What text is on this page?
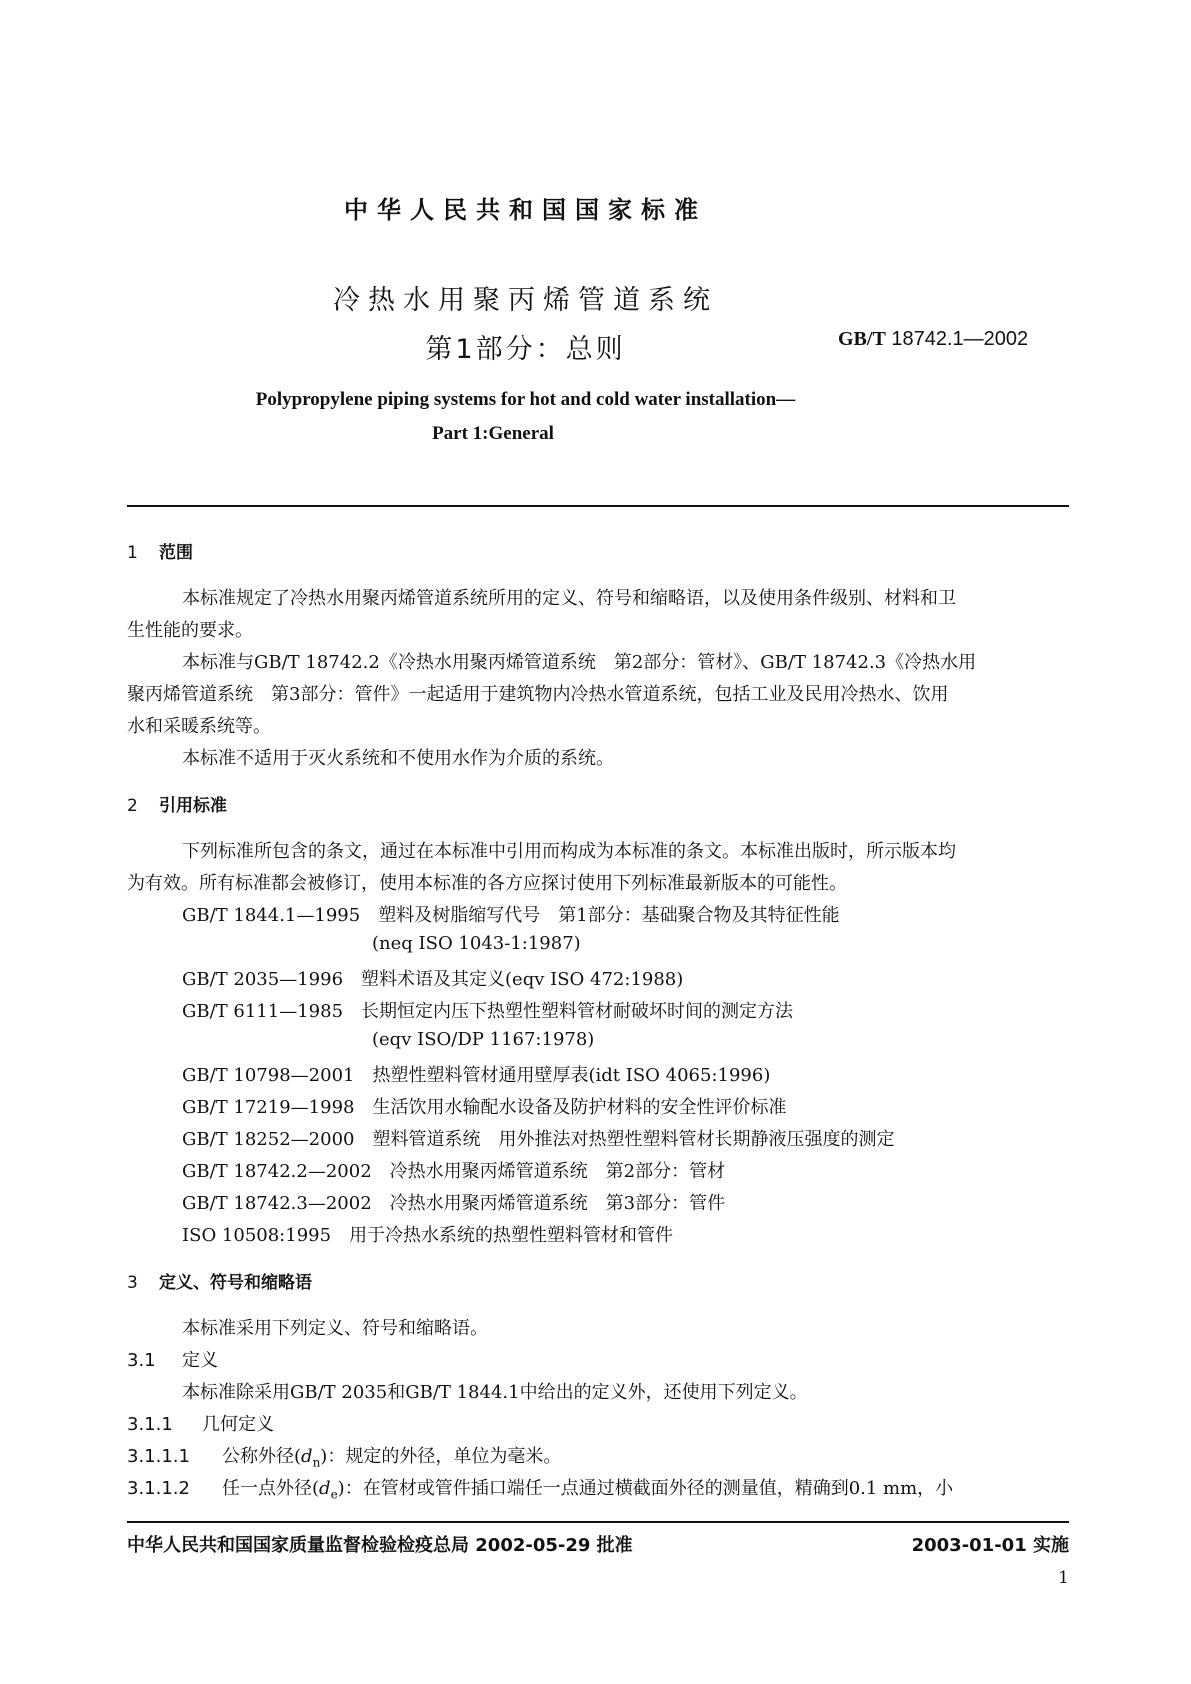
中华人民共和国国家标准
冷热水用聚丙烯管道系统
第1部分：总则	GB/T 18742.1—2002
Polypropylene piping systems for hot and cold water installation—
Part 1:General
1 范围
本标准规定了冷热水用聚丙烯管道系统所用的定义、符号和缩略语，以及使用条件级别、材料和卫
生性能的要求。
本标准与GB/T 18742.2《冷热水用聚丙烯管道系统　第2部分：管材》、GB/T 18742.3《冷热水用
聚丙烯管道系统　第3部分：管件》一起适用于建筑物内冷热水管道系统，包括工业及民用冷热水、饮用
水和采暖系统等。
本标准不适用于灭火系统和不使用水作为介质的系统。
2 引用标准
下列标准所包含的条文，通过在本标准中引用而构成为本标准的条文。本标准出版时，所示版本均
为有效。所有标准都会被修订，使用本标准的各方应探讨使用下列标准最新版本的可能性。
GB/T 1844.1—1995　 塑料及树脂缩写代号　第1部分：基础聚合物及其特征性能
(neq ISO 1043-1:1987)
GB/T 2035—1996　 塑料术语及其定义(eqv ISO 472:1988)
GB/T 6111—1985　 长期恒定内压下热塑性塑料管材耐破坏时间的测定方法
(eqv ISO/DP 1167:1978)
GB/T 10798—2001　 热塑性塑料管材通用壁厚表(idt ISO 4065:1996)
GB/T 17219—1998　 生活饮用水输配水设备及防护材料的安全性评价标准
GB/T 18252—2000　 塑料管道系统　用外推法对热塑性塑料管材长期静液压强度的测定
GB/T 18742.2—2002　 冷热水用聚丙烯管道系统　第2部分：管材
GB/T 18742.3—2002　 冷热水用聚丙烯管道系统　第3部分：管件
ISO 10508:1995　 用于冷热水系统的热塑性塑料管材和管件
3 定义、符号和缩略语
本标准采用下列定义、符号和缩略语。
3.1 定义
本标准除采用GB/T 2035和GB/T 1844.1中给出的定义外，还使用下列定义。
3.1.1 几何定义
3.1.1.1 公称外径$(d_n)$：规定的外径，单位为毫米。
3.1.1.2 任一点外径$(d_e)$：在管材或管件插口端任一点通过横截面外径的测量值，精确到0.1 mm，小
中华人民共和国国家质量监督检验检疫总局 2002-05-29 批准	2003-01-01 实施
1
